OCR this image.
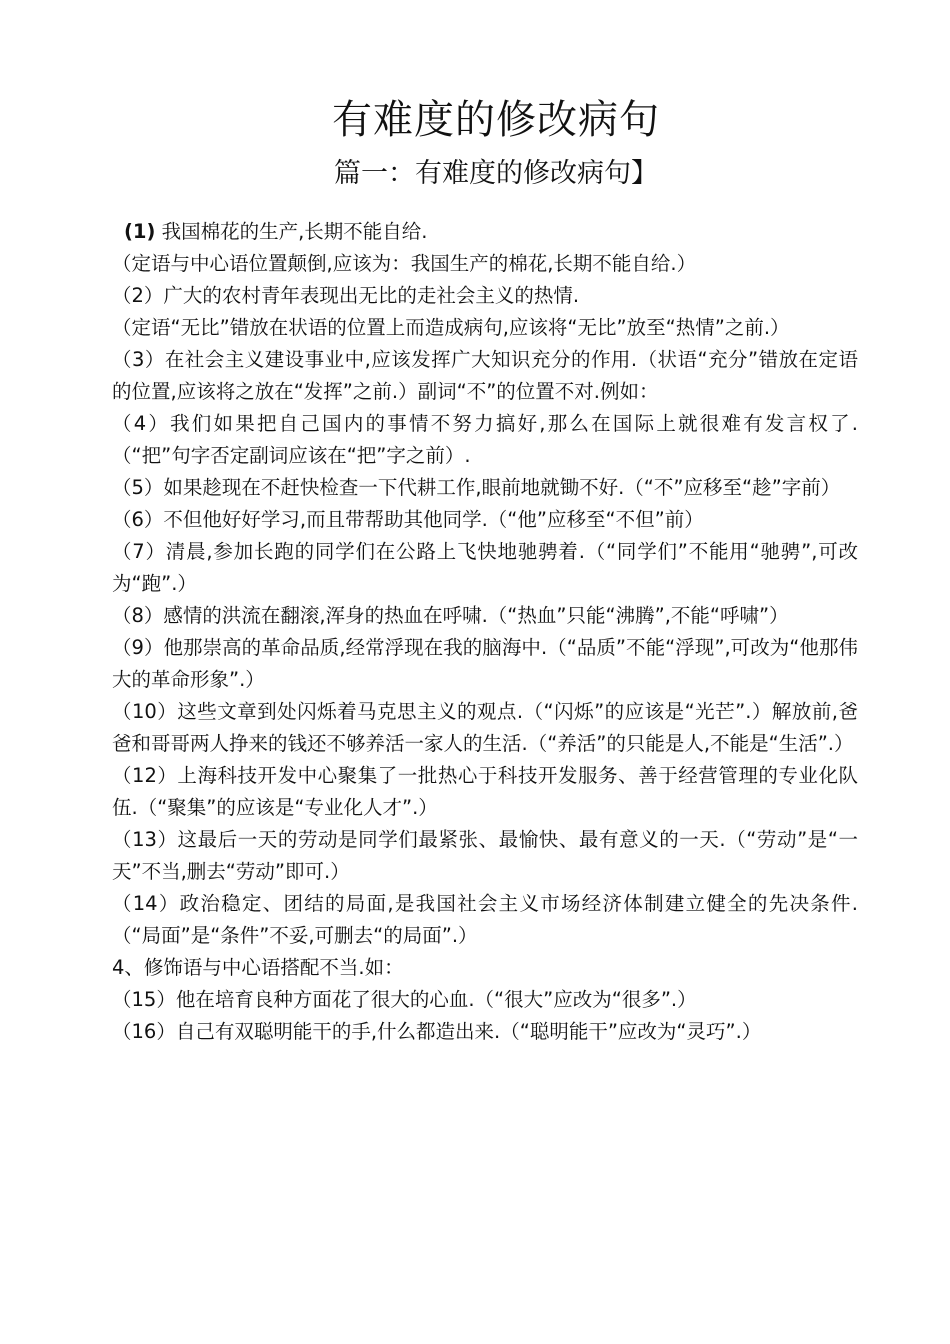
有难度的修改病句
篇一：有难度的修改病句】

(1) 我国棉花的生产,长期不能自给.

（定语与中心语位置颠倒,应该为：我国生产的棉花,长期不能自给.）

（2）广大的农村青年表现出无比的走社会主义的热情.

（定语“无比”错放在状语的位置上而造成病句,应该将“无比”放至“热情”之前.）

（3）在社会主义建设事业中,应该发挥广大知识充分的作用.（状语“充分”错放在定语的位置,应该将之放在“发挥”之前.）副词“不”的位置不对.例如：

（4）我们如果把自己国内的事情不努力搞好,那么在国际上就很难有发言权了.（“把”句字否定副词应该在“把”字之前）.

（5）如果趁现在不赶快检查一下代耕工作,眼前地就锄不好.（“不”应移至“趁”字前）

（6）不但他好好学习,而且带帮助其他同学.（“他”应移至“不但”前）

（7）清晨,参加长跑的同学们在公路上飞快地驰骋着.（“同学们”不能用“驰骋”,可改为“跑”.）

（8）感情的洪流在翻滚,浑身的热血在呼啸.（“热血”只能“沸腾”,不能“呼啸”）

（9）他那崇高的革命品质,经常浮现在我的脑海中.（“品质”不能“浮现”,可改为“他那伟大的革命形象”.）

（10）这些文章到处闪烁着马克思主义的观点.（“闪烁”的应该是“光芒”.）解放前,爸爸和哥哥两人挣来的钱还不够养活一家人的生活.（“养活”的只能是人,不能是“生活”.）

（12）上海科技开发中心聚集了一批热心于科技开发服务、善于经营管理的专业化队伍.（“聚集”的应该是“专业化人才”.）

（13）这最后一天的劳动是同学们最紧张、最愉快、最有意义的一天.（“劳动”是“一天”不当,删去“劳动”即可.）

（14）政治稳定、团结的局面,是我国社会主义市场经济体制建立健全的先决条件.（“局面”是“条件”不妥,可删去“的局面”.）

4、修饰语与中心语搭配不当.如：

（15）他在培育良种方面花了很大的心血.（“很大”应改为“很多”.）

（16）自己有双聪明能干的手,什么都造出来.（“聪明能干”应改为“灵巧”.）
